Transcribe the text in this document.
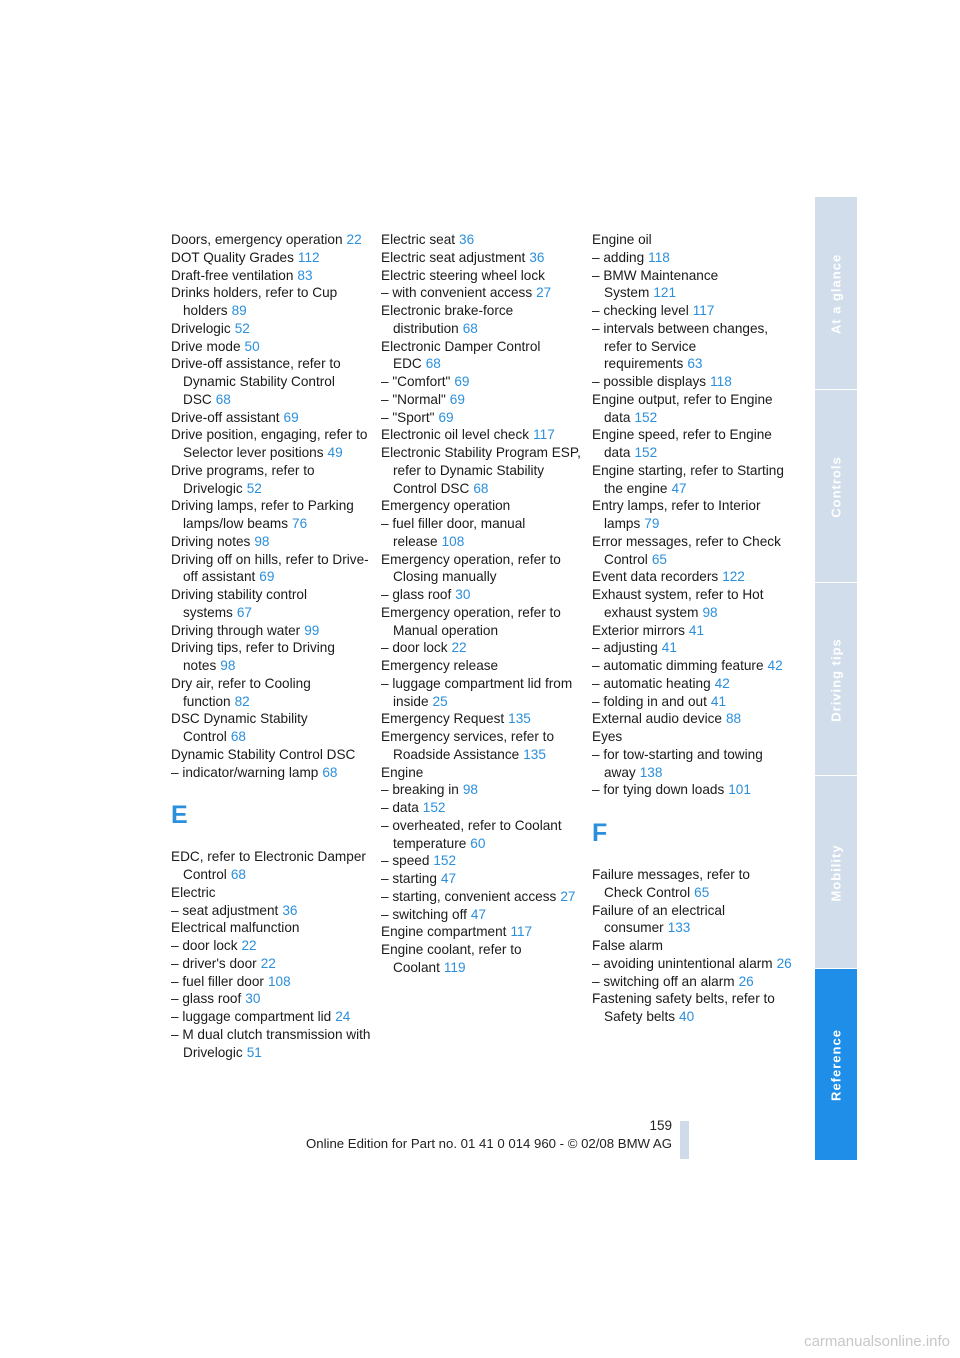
Doors, emergency operation 22
DOT Quality Grades 112
Draft-free ventilation 83
Drinks holders, refer to Cup holders 89
Drivelogic 52
Drive mode 50
Drive-off assistance, refer to Dynamic Stability Control DSC 68
Drive-off assistant 69
Drive position, engaging, refer to Selector lever positions 49
Drive programs, refer to Drivelogic 52
Driving lamps, refer to Parking lamps/low beams 76
Driving notes 98
Driving off on hills, refer to Drive-off assistant 69
Driving stability control systems 67
Driving through water 99
Driving tips, refer to Driving notes 98
Dry air, refer to Cooling function 82
DSC Dynamic Stability Control 68
Dynamic Stability Control DSC
– indicator/warning lamp 68
E
EDC, refer to Electronic Damper Control 68
Electric
– seat adjustment 36
Electrical malfunction
– door lock 22
– driver's door 22
– fuel filler door 108
– glass roof 30
– luggage compartment lid 24
– M dual clutch transmission with Drivelogic 51
Electric seat 36
Electric seat adjustment 36
Electric steering wheel lock
– with convenient access 27
Electronic brake-force distribution 68
Electronic Damper Control EDC 68
– "Comfort" 69
– "Normal" 69
– "Sport" 69
Electronic oil level check 117
Electronic Stability Program ESP, refer to Dynamic Stability Control DSC 68
Emergency operation
– fuel filler door, manual release 108
Emergency operation, refer to Closing manually
– glass roof 30
Emergency operation, refer to Manual operation
– door lock 22
Emergency release
– luggage compartment lid from inside 25
Emergency Request 135
Emergency services, refer to Roadside Assistance 135
Engine
– breaking in 98
– data 152
– overheated, refer to Coolant temperature 60
– speed 152
– starting 47
– starting, convenient access 27
– switching off 47
Engine compartment 117
Engine coolant, refer to Coolant 119
Engine oil
– adding 118
– BMW Maintenance System 121
– checking level 117
– intervals between changes, refer to Service requirements 63
– possible displays 118
Engine output, refer to Engine data 152
Engine speed, refer to Engine data 152
Engine starting, refer to Starting the engine 47
Entry lamps, refer to Interior lamps 79
Error messages, refer to Check Control 65
Event data recorders 122
Exhaust system, refer to Hot exhaust system 98
Exterior mirrors 41
– adjusting 41
– automatic dimming feature 42
– automatic heating 42
– folding in and out 41
External audio device 88
Eyes
– for tow-starting and towing away 138
– for tying down loads 101
F
Failure messages, refer to Check Control 65
Failure of an electrical consumer 133
False alarm
– avoiding unintentional alarm 26
– switching off an alarm 26
Fastening safety belts, refer to Safety belts 40
At a glance
Controls
Driving tips
Mobility
Reference
159
Online Edition for Part no. 01 41 0 014 960 - © 02/08 BMW AG
carmanualsonline.info
